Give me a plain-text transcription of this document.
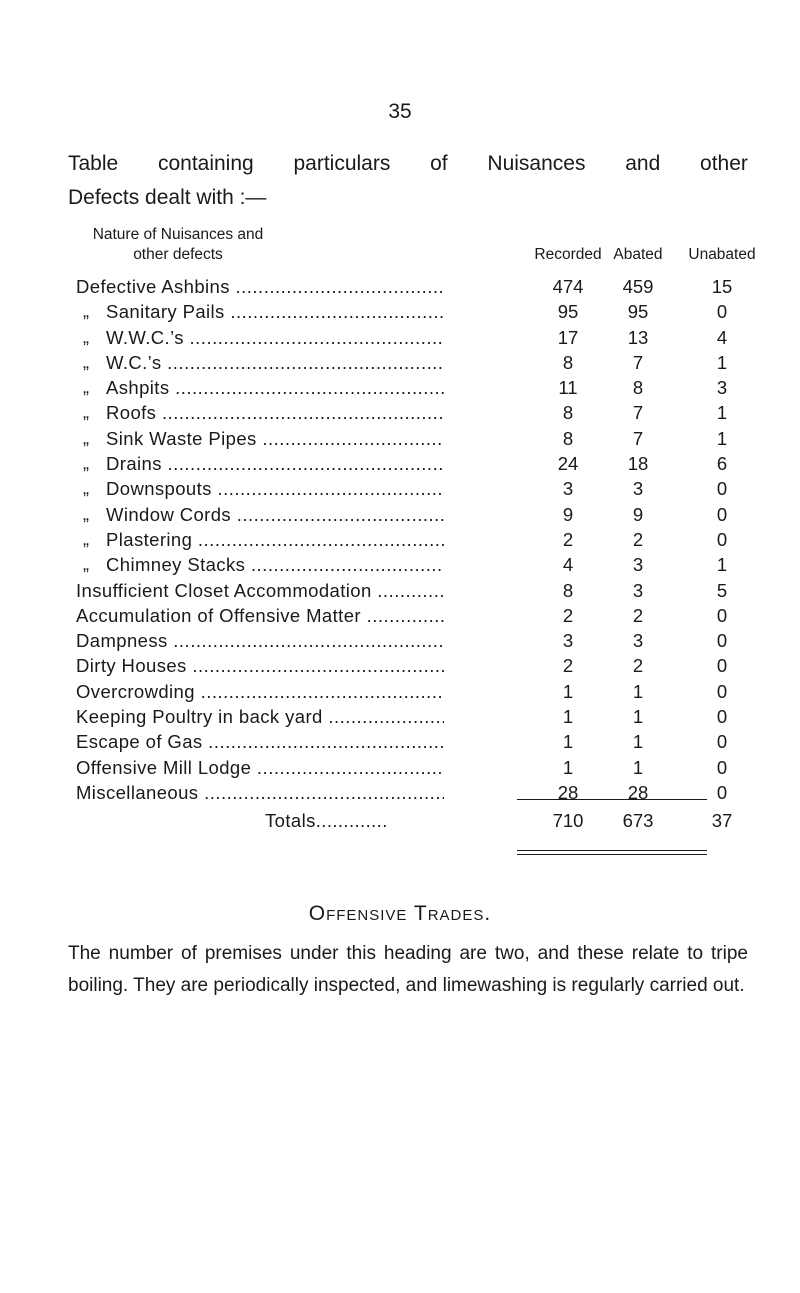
35
Table containing particulars of Nuisances and other
Defects dealt with :—
Nature of Nuisances and
other defects	Recorded Abated	Unabated
Defective Ashbins .....	474	459	15
„ Sanitary Pails .....	95	95	0
„ W.W.C.’s .....	17	13	4
„ W.C.’s .....	8	7	1
„ Ashpits .....	11	8	3
„ Roofs .....	8	7	1
„ Sink Waste Pipes .....	8	7	1
„ Drains .....	24	18	6
„ Downspouts .....	3	3	0
„ Window Cords .....	9	9	0
„ Plastering .....	2	2	0
„ Chimney Stacks .....	4	3	1
Insufficient Closet Accommodation .....	8	3	5
Accumulation of Offensive Matter .....	2	2	0
Dampness .....	3	3	0
Dirty Houses .....	2	2	0
Overcrowding .....	1	1	0
Keeping Poultry in back yard .....	1	1	0
Escape of Gas .....	1	1	0
Offensive Mill Lodge .....	1	1	0
Miscellaneous .....	28	28	0
Totals.............	710	673	37
Offensive Trades.

The number of premises under this heading are two, and these relate to tripe boiling. They are periodically inspected, and limewashing is regularly carried out.
